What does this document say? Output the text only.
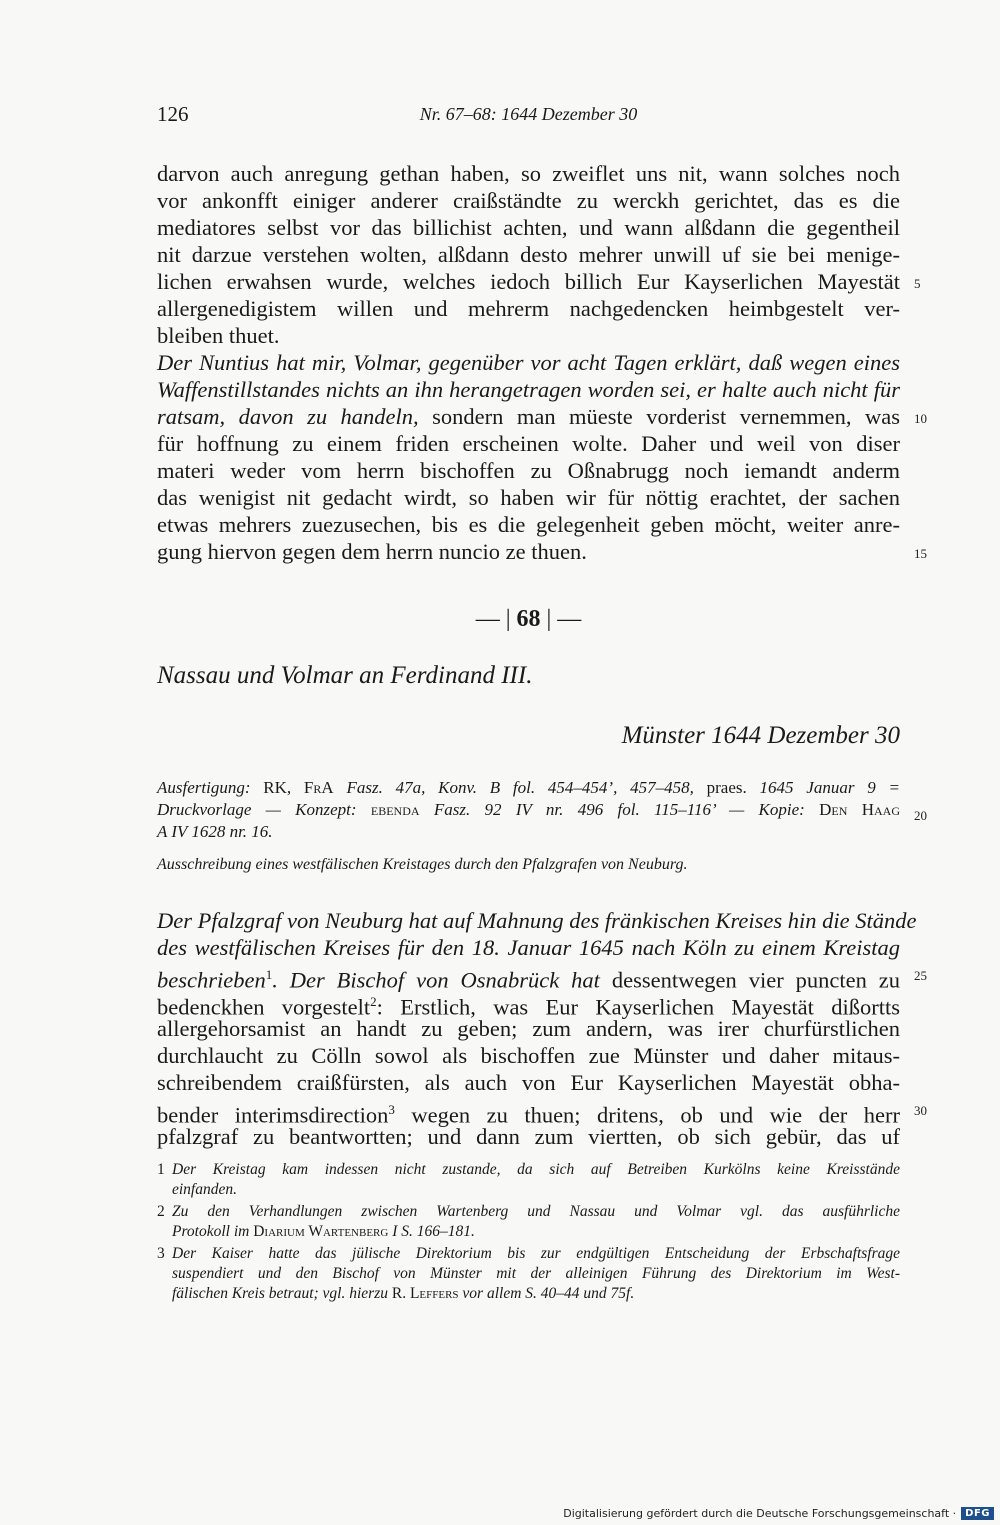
126	Nr. 67–68: 1644 Dezember 30

darvon auch anregung gethan haben, so zweiflet uns nit, wann solches noch

vor ankonfft einiger anderer craißständte zu werckh gerichtet, das es die

mediatores selbst vor das billichist achten, und wann alßdann die gegentheil

nit darzue verstehen wolten, alßdann desto mehrer unwill uf sie bei menige-

lichen erwahsen wurde, welches iedoch billich Eur Kayserlichen Mayestät

allergenedigistem willen und mehrerm nachgedencken heimbgestelt ver-

bleiben thuet.

Der Nuntius hat mir, Volmar, gegenüber vor acht Tagen erklärt, daß wegen eines

Waffenstillstandes nichts an ihn herangetragen worden sei, er halte auch nicht für

ratsam, davon zu handeln, sondern man müeste vorderist vernemmen, was

für hoffnung zu einem friden erscheinen wolte. Daher und weil von diser

materi weder vom herrn bischoffen zu Oßnabrugg noch iemandt anderm

das wenigist nit gedacht wirdt, so haben wir für nöttig erachtet, der sachen

etwas mehrers zuezusechen, bis es die gelegenheit geben möcht, weiter anre-

gung hiervon gegen dem herrn nuncio ze thuen.

5
10
15
20
25
30
— | 68 | —
Nassau und Volmar an Ferdinand III.
Münster 1644 Dezember 30

Ausfertigung: RK, FrA Fasz. 47a, Konv. B fol. 454–454’, 457–458, praes. 1645 Januar 9 =

Druckvorlage — Konzept: ebenda Fasz. 92 IV nr. 496 fol. 115–116’ — Kopie: Den Haag

A IV 1628 nr. 16.

Ausschreibung eines westfälischen Kreistages durch den Pfalzgrafen von Neuburg.

Der Pfalzgraf von Neuburg hat auf Mahnung des fränkischen Kreises hin die Stände

des westfälischen Kreises für den 18. Januar 1645 nach Köln zu einem Kreistag

beschrieben$^1$. Der Bischof von Osnabrück hat dessentwegen vier puncten zu

bedenckhen vorgestelt$^2$: Erstlich, was Eur Kayserlichen Mayestät dißortts

allergehorsamist an handt zu geben; zum andern, was irer churfürstlichen

durchlaucht zu Cölln sowol als bischoffen zue Münster und daher mitaus-

schreibendem craißfürsten, als auch von Eur Kayserlichen Mayestät obha-

bender interimsdirection$^3$ wegen zu thuen; dritens, ob und wie der herr

pfalzgraf zu beantwortten; und dann zum viertten, ob sich gebür, das uf

1 Der Kreistag kam indessen nicht zustande, da sich auf Betreiben Kurkölns keine Kreisstände

einfanden.

2 Zu den Verhandlungen zwischen Wartenberg und Nassau und Volmar vgl. das ausführliche

Protokoll im Diarium Wartenberg I S. 166–181.

3 Der Kaiser hatte das jülische Direktorium bis zur endgültigen Entscheidung der Erbschaftsfrage

suspendiert und den Bischof von Münster mit der alleinigen Führung des Direktorium im West-

fälischen Kreis betraut; vgl. hierzu R. Leffers vor allem S. 40–44 und 75f.

Digitalisierung gefördert durch die Deutsche Forschungsgemeinschaft · DFG
